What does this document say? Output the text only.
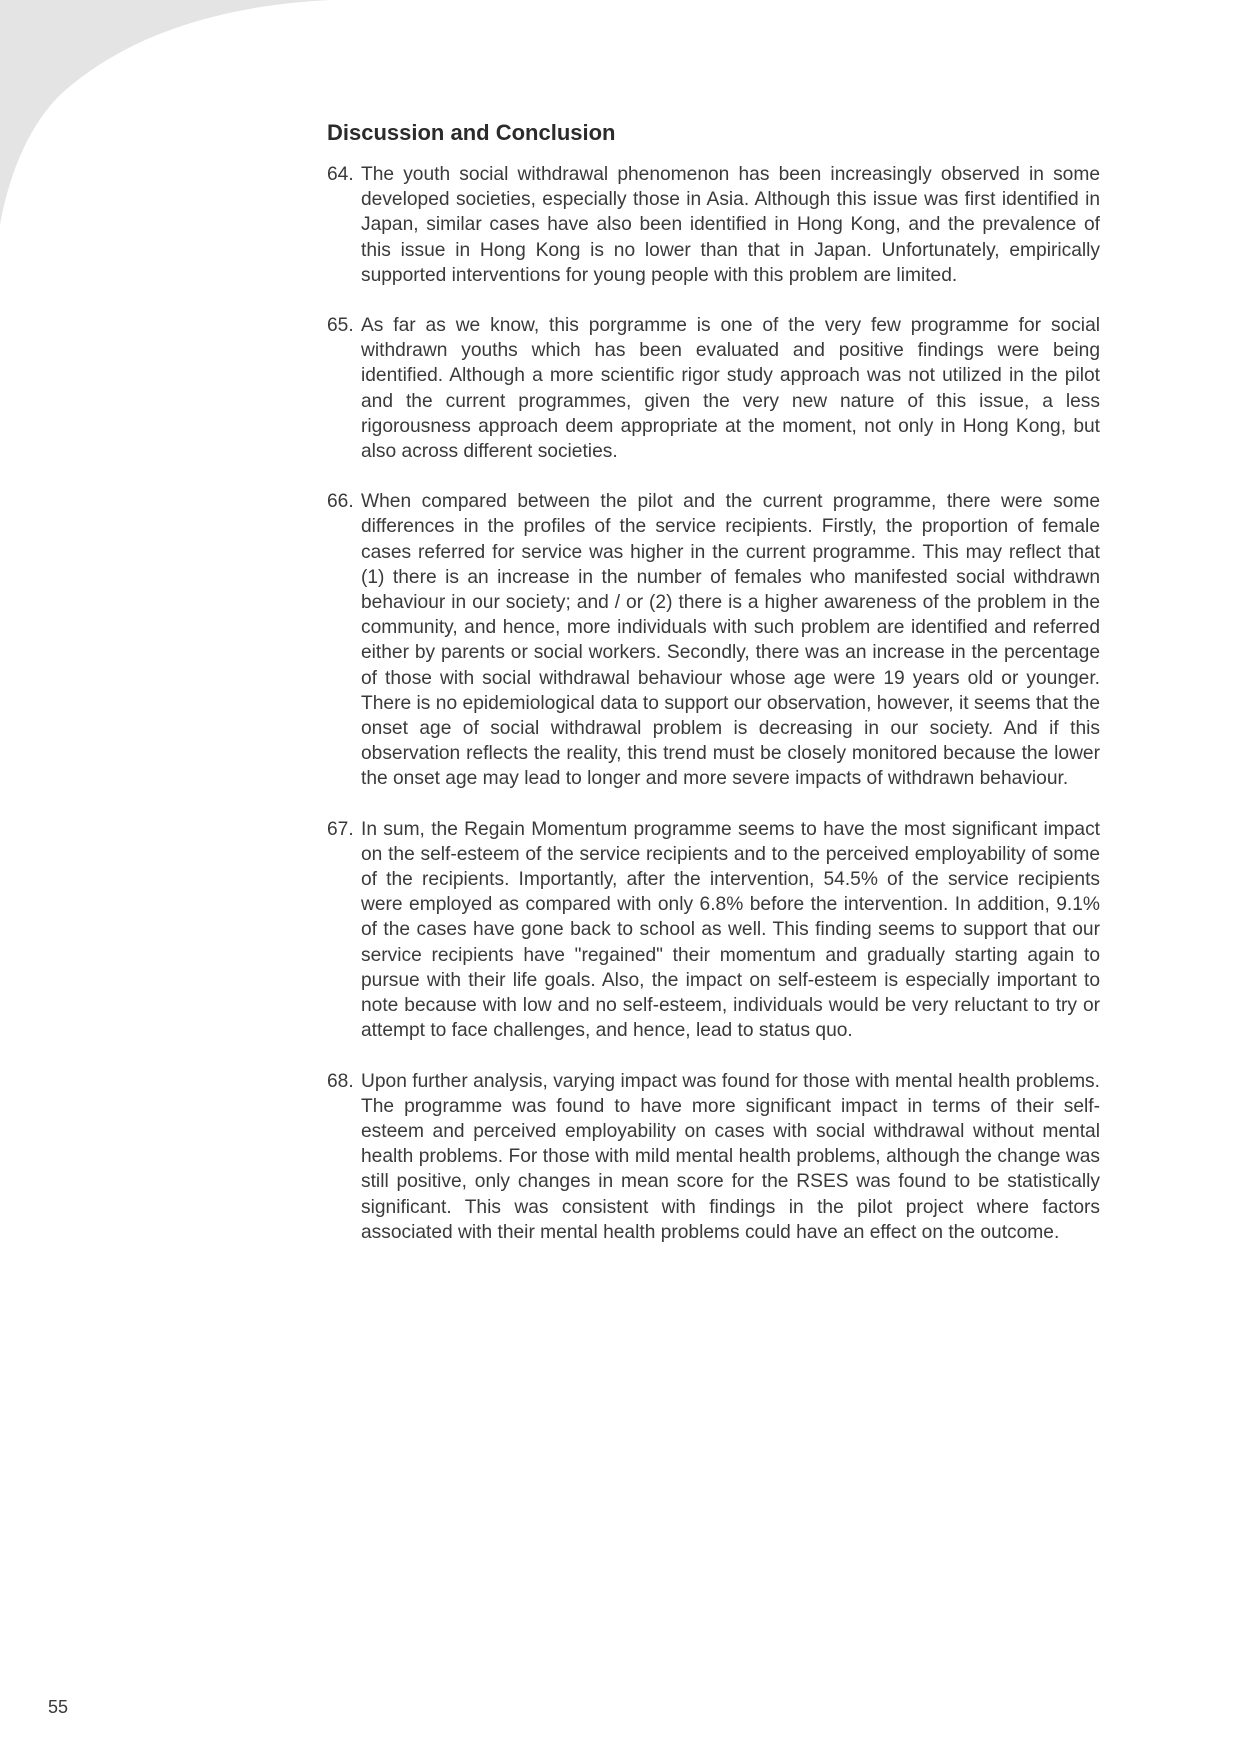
Discussion and Conclusion

64. The youth social withdrawal phenomenon has been increasingly observed in some developed societies, especially those in Asia. Although this issue was first identified in Japan, similar cases have also been identified in Hong Kong, and the prevalence of this issue in Hong Kong is no lower than that in Japan. Unfortunately, empirically supported interventions for young people with this problem are limited.

65. As far as we know, this porgramme is one of the very few programme for social withdrawn youths which has been evaluated and positive findings were being identified. Although a more scientific rigor study approach was not utilized in the pilot and the current programmes, given the very new nature of this issue, a less rigorousness approach deem appropriate at the moment, not only in Hong Kong, but also across different societies.

66. When compared between the pilot and the current programme, there were some differences in the profiles of the service recipients. Firstly, the proportion of female cases referred for service was higher in the current programme. This may reflect that (1) there is an increase in the number of females who manifested social withdrawn behaviour in our society; and / or (2) there is a higher awareness of the problem in the community, and hence, more individuals with such problem are identified and referred either by parents or social workers. Secondly, there was an increase in the percentage of those with social withdrawal behaviour whose age were 19 years old or younger. There is no epidemiological data to support our observation, however, it seems that the onset age of social withdrawal problem is decreasing in our society. And if this observation reflects the reality, this trend must be closely monitored because the lower the onset age may lead to longer and more severe impacts of withdrawn behaviour.

67. In sum, the Regain Momentum programme seems to have the most significant impact on the self-esteem of the service recipients and to the perceived employability of some of the recipients. Importantly, after the intervention, 54.5% of the service recipients were employed as compared with only 6.8% before the intervention. In addition, 9.1% of the cases have gone back to school as well. This finding seems to support that our service recipients have "regained" their momentum and gradually starting again to pursue with their life goals. Also, the impact on self-esteem is especially important to note because with low and no self-esteem, individuals would be very reluctant to try or attempt to face challenges, and hence, lead to status quo.

68. Upon further analysis, varying impact was found for those with mental health problems. The programme was found to have more significant impact in terms of their self-esteem and perceived employability on cases with social withdrawal without mental health problems. For those with mild mental health problems, although the change was still positive, only changes in mean score for the RSES was found to be statistically significant. This was consistent with findings in the pilot project where factors associated with their mental health problems could have an effect on the outcome.

55
